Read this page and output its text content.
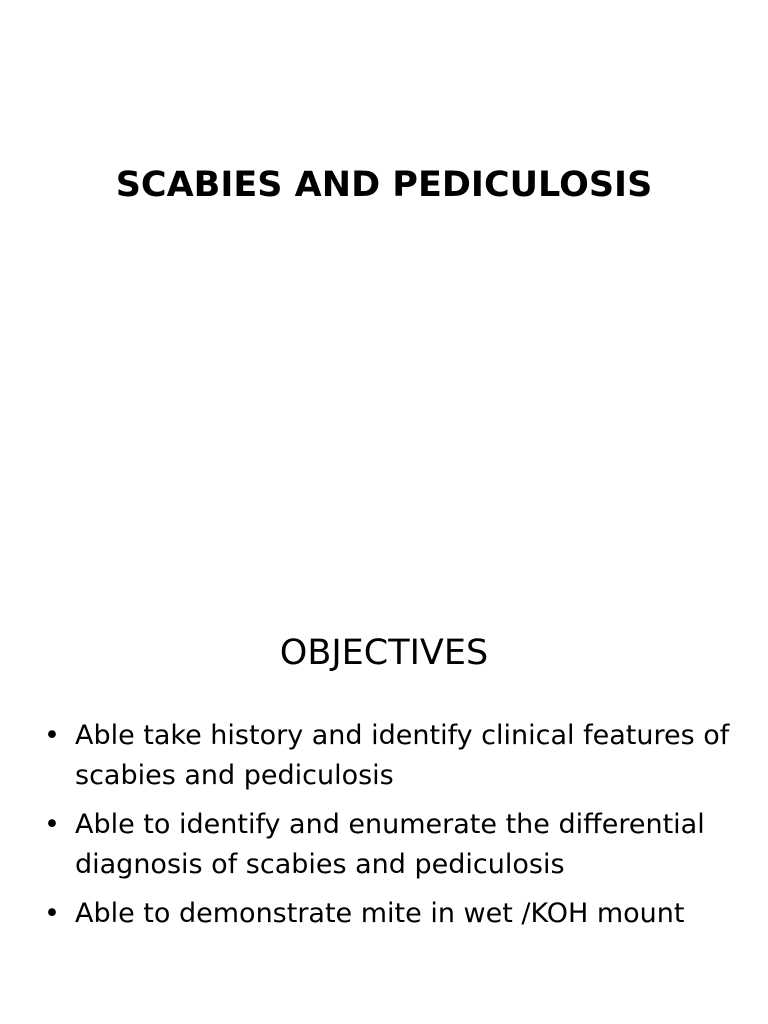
SCABIES AND PEDICULOSIS
OBJECTIVES
• Able take history and identify clinical features of scabies and pediculosis
• Able to identify and enumerate the differential diagnosis of scabies and pediculosis
• Able to demonstrate mite in wet /KOH mount
